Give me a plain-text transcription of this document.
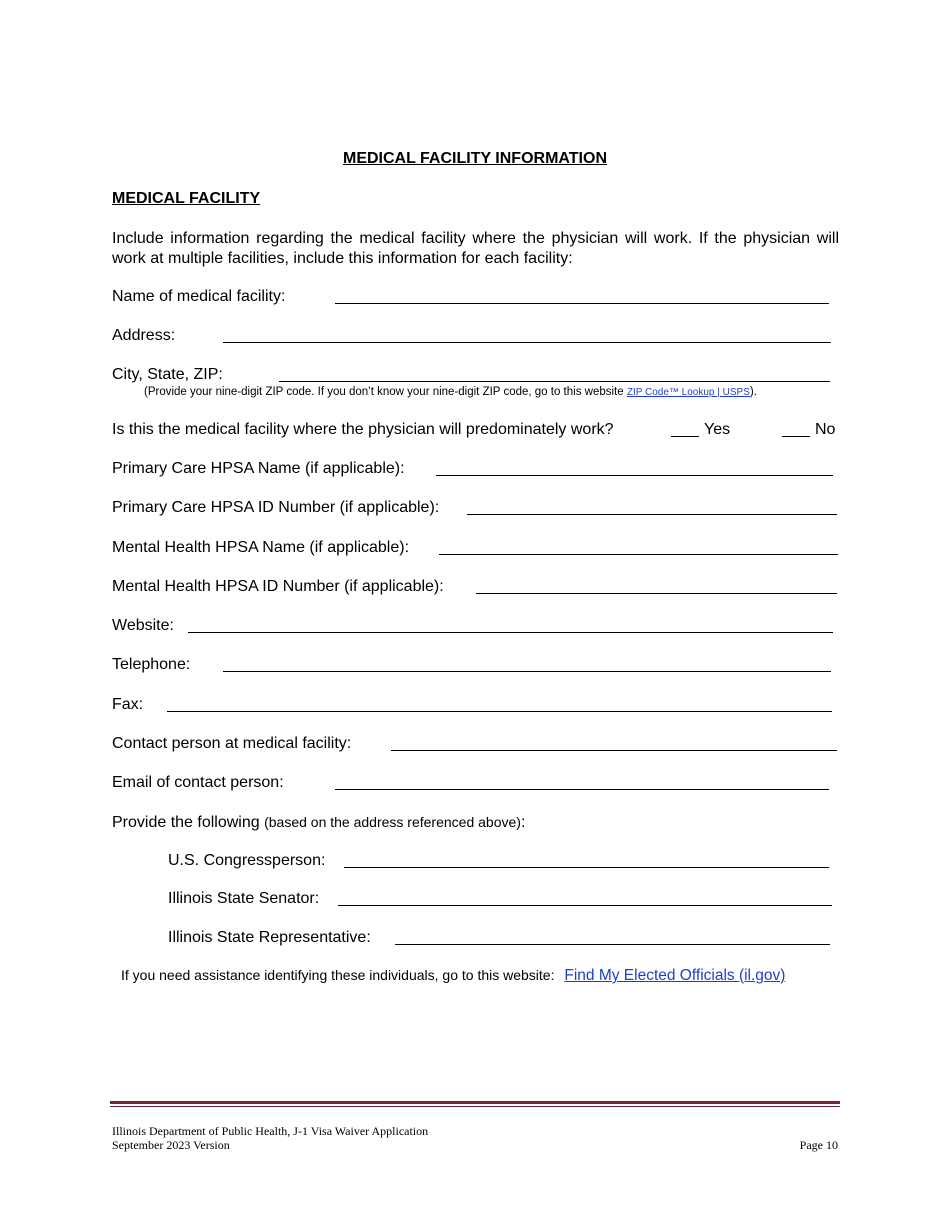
MEDICAL FACILITY INFORMATION
MEDICAL FACILITY
Include information regarding the medical facility where the physician will work. If the physician will work at multiple facilities, include this information for each facility:
Name of medical facility:
Address:
City, State, ZIP:
(Provide your nine-digit ZIP code. If you don’t know your nine-digit ZIP code, go to this website ZIP Code™ Lookup | USPS).
Is this the medical facility where the physician will predominately work?	Yes	No
Primary Care HPSA Name (if applicable):
Primary Care HPSA ID Number (if applicable):
Mental Health HPSA Name (if applicable):
Mental Health HPSA ID Number (if applicable):
Website:
Telephone:
Fax:
Contact person at medical facility:
Email of contact person:
Provide the following (based on the address referenced above):
U.S. Congressperson:
Illinois State Senator:
Illinois State Representative:
If you need assistance identifying these individuals, go to this website: Find My Elected Officials (il.gov)
Illinois Department of Public Health, J-1 Visa Waiver Application
September 2023 Version	Page 10
